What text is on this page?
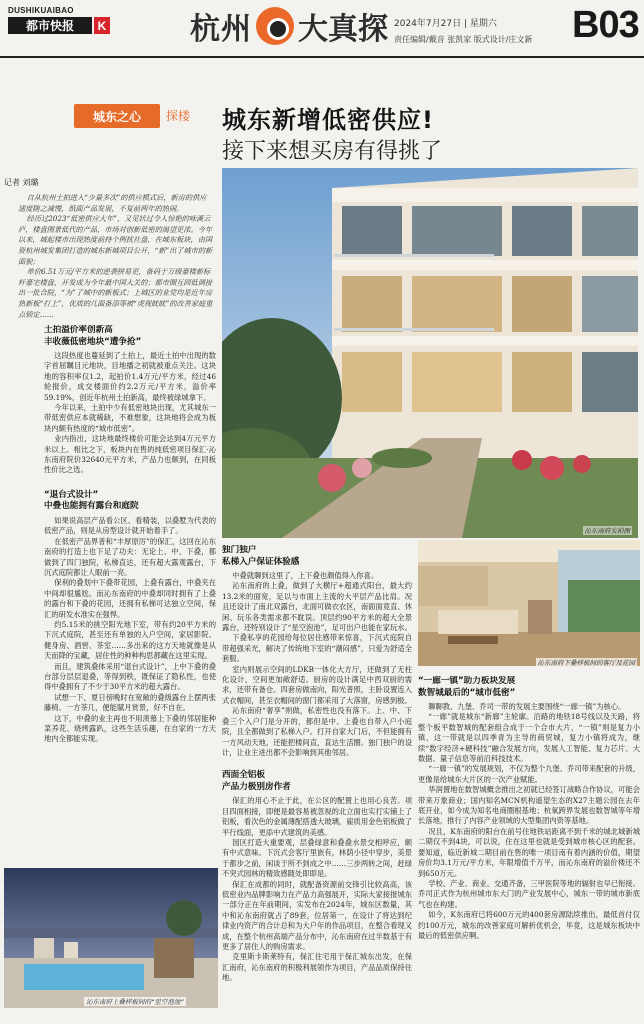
DUSHIKUAIBAO
都市快报	K	杭州 大真探 2024年7月27日 | 星期六
责任编辑/戴音 张凯家 版式设计/庄文新 B03
城东之心	探楼 城东新增低密供应!
接下来想买房有得挑了
记者 刘璐

自从杭州土拍进入“少量多次”的供应模式后，新房的供应速度随之减慢，纸面产品发展，不复前两年的热闹。

经历过2023“低密供应大年”，又见状过令人惊艳的咏溪云庐，楼盘围景低代的产品，市场对创新低密的渴望更浓。今年以来，城起楼市出现热度前持个例扰社盘，在城东板块，由国资杭州城发集团打造的城东新城项目公开，“新”出了城市的新面貌；

单价6.51万元/平方米的逆袭拼易更，备码于万级豪楼新标杆豪宅楼盘，开发成为今年最中国大关的；都市圈互园低调接出一批合院，“为”了城中的新板式；上城区的业党均是近年房热新板“打上”，优质的几面备添等被“虎视眈眈”的改善家庭重点锁定……

土拍溢价率创新高
丰收薇低密地块“遭争抢”

这段热度也蔓延到了土拍上，最近土拍中出现的数字首屈瞩目元地块，目地播之初就被重点关注。这块地的容积率仅1.2，起拍价1.4万元/平方米，经过46轮报价，成交楼面价约2.2万元/平方米，溢价率59.19%，创近年杭州土拍新高，最终被绿城拿下。

今年以来，土拍中少有低密地块出现，尤其城东一带低密供应本就稀缺，不难想象，这块地将会成为板块内颇有热度的“城市低密”。

业内指出，这块地最终楼价可能会达到4万元平方米以上。相比之下，板块内在售的纯低密项目保汇·沁东南府院价32640元平方米，产品力也颇到，在同板性价比之选。

“退台式设计”
中叠也能拥有露台和庭院

如果说高层产品看公区、看精装，以叠墅为代表的低密产品，则是从房型设计就开始着手了。

在低密产品界普和“丰厚原厉”的保汇，这回在沁东南府的打造上也下足了功夫：无论上、中、下叠，都做到了四门独院，私梯直达，还有超大露观露台，下沉式庭院都让人眼前一亮。

保利的叠划中下叠带花园，上叠有露台，中叠夹在中间却很尴尬。而沁东南府的中叠却同时拥有了上叠的露台和下叠的花园，还拥有私梯可达独立空间，保汇的研发水准实在强悍。

约5.15米的挑空阳光地下室，带有约20平方米的下沉式庭院，甚至还有单独的入户空间，家居影院、健身房、酒窖、茶室……多出来的这方天地就像是从天而降的宝藏，居住性的种种构思都藏在这里实现。

而且，建筑叠体采用“退台式设计”，上中下叠的叠台部分层层退叠，等得到秩，既保证了隐私性，也使得中叠拥有了不少于30平方米的超大露台。

试想一下，夏日傍晚时在宽敞的叠级露台上摆两张藤椅、一方茶几，便能賦月赏景，好不自在。

这下，中叠的业主再也不用羡慕上下叠的邻居能种菜养花、烧烤露趴，这些生活乐趣，在自家的一方天地内全都能实现。

沁东南府实拍图
独门独户
私梯入户保证体验感

中叠就聊到这里了，上下叠也颇值得入你喜。

沁东南府的上叠，做到了大横厅+超通式阳台，最大约13.2米的面宽，足以与市面上主流的大平层产品比肩。况且还设计了南北双露台，北面可做衣衣区，南面面竟直、休闲、玩乐各类需求都不耽误。顶层约90平方米的超大全景露台，还特别设计了“星空泡池”，足可出户也能在家玩水。

下叠私享的花园给每位居住感带来惊喜，下沉式庭院自带超强采光，解决了传统地下室的“潮闷感”，只爱为舒适全套服。

室内则展示空间的LDKB一体化大方厅，还做到了无柱化设计，空间更加敞舒适。厨房的设计满足中西双厨的需求，还带有备仓。四套房做南向，阳光普照，主卧设置连入式衣帽间，甚至衣帽间的窗门都采用了大落窗，房感到极。

沁东南府“奢享”则做，私密性也没有落下。上、中、下叠三个入户门是分开的，都但是中、上叠也自带入户小庭院，且全都做到了私梯入户。打开自家大门后，不但能拥有一方风动天地，还能把楼间直，直达生活圈。独门独户的设计，让业主进出都不会影响到其他邻居。

西面全铝板
产品力极别房作者

保汇的用心不止于此，在公区的配置上也用心良苦。项目四面相接，即便是最容易被忽视的北立面也实打实铺上了铝板，看次色的金属薄配搭透大玻璃，雇质用金色铝板做了平行线面，更添中式建筑的美感。

园区打造大重要观，层叠绿意和叠叠水景交相呼应，颇有中式意味。下沉式会客厅里嵌有，林荫小径中穿步，美景于都步之前，闲谈于所不到成之中……三步两转之间，赶绿不突式园林的精致感随处即即是。

保汇在成都的同时，就配备资源前交锋引比较高高，该低密业内品牌影响力在产品力高强展开，实际大家接报城东一部分正在年前期间，实发布在2024年，城东区数量，其中和沁东南府就占了89套，位居第一，在设计了将达到纪律业内资产的合计总和为大户年的作品项目，在整合看现又成，在整个杭州高端产品分布中，沁东南府在过半数基于有更多了居住人的购房需求。

克里斯卡斯莱特有，保汇住宅用于保汇城东出发，在保汇南府，沁东南府的积极利展领作为项目，产品品质保持住地。

沁东南府下叠样板间的客厅及花园
“一廊一镇”助力板块发展
数智城最后的“城市低密”

聊聊教、九堡、乔司一带的发展主要围绕“一廊一镇”为核心。

“一廊”就是城东“新廊”主轮廓。沿路的地铁18号线以及天路，将整个板平数智城的配套组合成于一个合市大片，“一镇”则是复力小镇，这一带就是以四季青为主导的商贸城，复力小镇将成为，继续“数字经济+硬科技”融合发展方向，发展人工智能、复力芯片、大数据、量子信息等前沿科技技术。

“一廊一镇”的发展规划，不仅为整个九堡、乔司带来配套的升级，更像是给城东大片区的一次产业赋能。

华润置地在数智城概念推出之初就已经签订战略合作协议，可能会带来万象商业；国内知名MCN机构遥望生态的X27主题公园在去年底开业，如今成为知名电商圈根基地；杭氧跨界发展也数智城等年增长落地，推行了内容产业领域的大型集团内资等基地。

况且，K东南府的阳台在前号住地铁站距离不到千米的城北城新城二期仅不到4块，可以说，住在这里也就是受到城市核心区的配套。要知道，临近新城二期目前在售的唯一项目南有着内涵的价值，期望房价均3.1万元/平方米，年限增值千万平，而沁东南府的溢价楼还不到650万元。

学校、产业、商业、交通齐备，三甲医院等地的辐射也早已衔接。乔司正式作为杭州城市东大门的产业发展中心，城东一带的城市新底气也在构建。

如今，K东南府已将600万元的400套房源陆续推出，最低首付仅约100万元，城东的改善家庭可解析优机会，毕竟，这是城东板块中最后的低密供应啊。

沁东南府上叠样板间的“星空泡池”
